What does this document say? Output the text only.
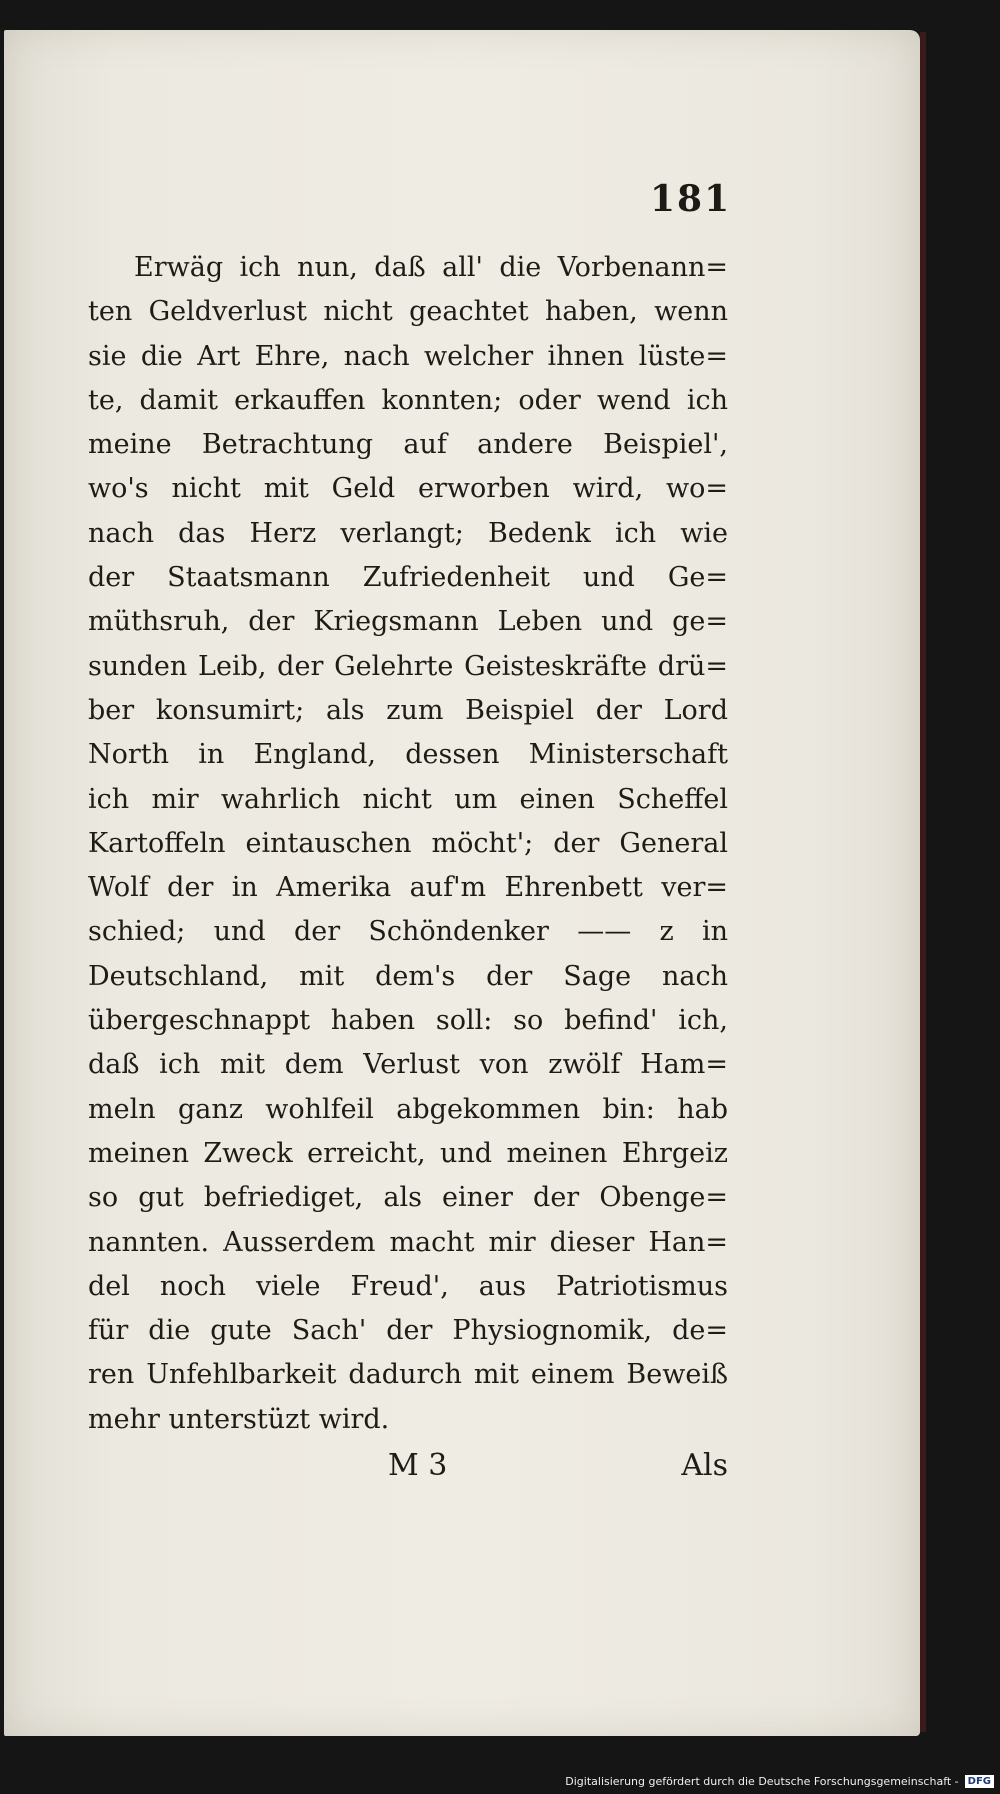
181
Erwäg ich nun, daß all' die Vorbenann=
ten Geldverlust nicht geachtet haben, wenn
sie die Art Ehre, nach welcher ihnen lüste=
te, damit erkauffen konnten; oder wend ich
meine Betrachtung auf andere Beispiel',
wo's nicht mit Geld erworben wird, wo=
nach das Herz verlangt; Bedenk ich wie
der Staatsmann Zufriedenheit und Ge=
müthsruh, der Kriegsmann Leben und ge=
sunden Leib, der Gelehrte Geisteskräfte drü=
ber konsumirt; als zum Beispiel der Lord
North in England, dessen Ministerschaft
ich mir wahrlich nicht um einen Scheffel
Kartoffeln eintauschen möcht'; der General
Wolf der in Amerika auf'm Ehrenbett ver=
schied; und der Schöndenker —— z in
Deutschland, mit dem's der Sage nach
übergeschnappt haben soll: so befind' ich,
daß ich mit dem Verlust von zwölf Ham=
meln ganz wohlfeil abgekommen bin: hab
meinen Zweck erreicht, und meinen Ehrgeiz
so gut befriediget, als einer der Obenge=
nannten. Ausserdem macht mir dieser Han=
del noch viele Freud', aus Patriotismus
für die gute Sach' der Physiognomik, de=
ren Unfehlbarkeit dadurch mit einem Beweiß
mehr unterstüzt wird.
M 3	Als
Digitalisierung gefördert durch die Deutsche Forschungsgemeinschaft - DFG
